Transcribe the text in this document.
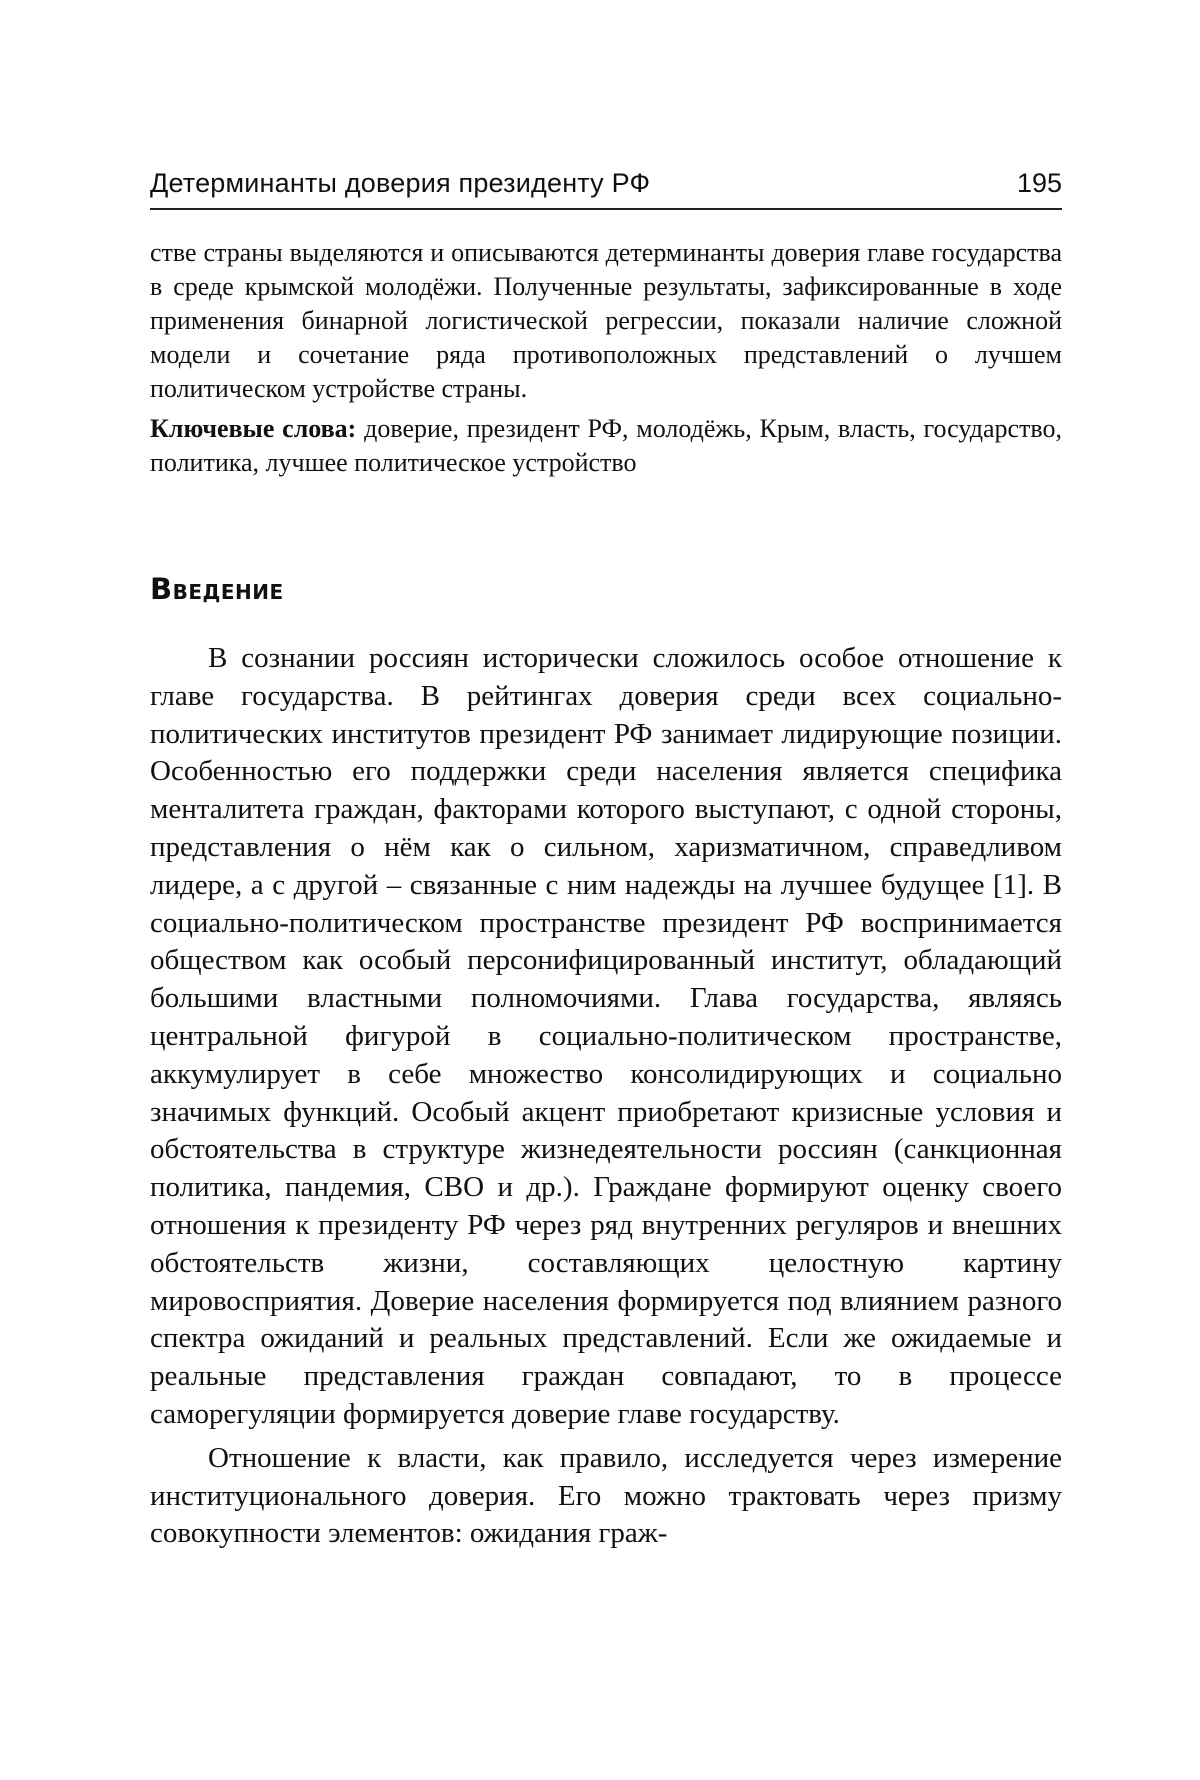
Детерминанты доверия президенту РФ	195

стве страны выделяются и описываются детерминанты доверия главе государства в среде крымской молодёжи. Полученные результаты, зафиксированные в ходе применения бинарной логистической регрессии, показали наличие сложной модели и сочетание ряда противоположных представлений о лучшем политическом устройстве страны.

Ключевые слова: доверие, президент РФ, молодёжь, Крым, власть, государство, политика, лучшее политическое устройство

Введение

В сознании россиян исторически сложилось особое отношение к главе государства. В рейтингах доверия среди всех социально-политических институтов президент РФ занимает лидирующие позиции. Особенностью его поддержки среди населения является специфика менталитета граждан, факторами которого выступают, с одной стороны, представления о нём как о сильном, харизматичном, справедливом лидере, а с другой – связанные с ним надежды на лучшее будущее [1]. В социально-политическом пространстве президент РФ воспринимается обществом как особый персонифицированный институт, обладающий большими властными полномочиями. Глава государства, являясь центральной фигурой в социально-политическом пространстве, аккумулирует в себе множество консолидирующих и социально значимых функций. Особый акцент приобретают кризисные условия и обстоятельства в структуре жизнедеятельности россиян (санкционная политика, пандемия, СВО и др.). Граждане формируют оценку своего отношения к президенту РФ через ряд внутренних регуляров и внешних обстоятельств жизни, составляющих целостную картину мировосприятия. Доверие населения формируется под влиянием разного спектра ожиданий и реальных представлений. Если же ожидаемые и реальные представления граждан совпадают, то в процессе саморегуляции формируется доверие главе государству.

Отношение к власти, как правило, исследуется через измерение институционального доверия. Его можно трактовать через призму совокупности элементов: ожидания граж-
